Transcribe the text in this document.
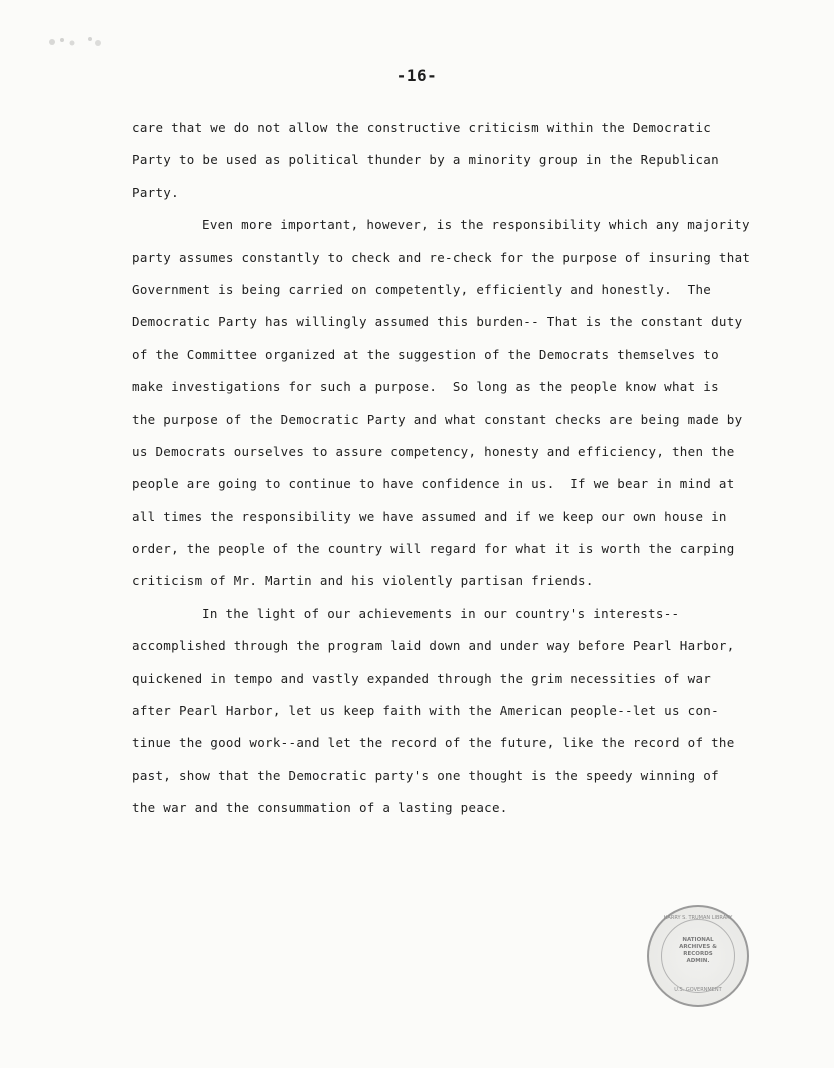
-16-
care that we do not allow the constructive criticism within the Democratic
Party to be used as political thunder by a minority group in the Republican
Party.
Even more important, however, is the responsibility which any majority
party assumes constantly to check and re-check for the purpose of insuring that
Government is being carried on competently, efficiently and honestly.  The
Democratic Party has willingly assumed this burden-- That is the constant duty
of the Committee organized at the suggestion of the Democrats themselves to
make investigations for such a purpose.  So long as the people know what is
the purpose of the Democratic Party and what constant checks are being made by
us Democrats ourselves to assure competency, honesty and efficiency, then the
people are going to continue to have confidence in us.  If we bear in mind at
all times the responsibility we have assumed and if we keep our own house in
order, the people of the country will regard for what it is worth the carping
criticism of Mr. Martin and his violently partisan friends.
In the light of our achievements in our country's interests--
accomplished through the program laid down and under way before Pearl Harbor,
quickened in tempo and vastly expanded through the grim necessities of war
after Pearl Harbor, let us keep faith with the American people--let us con-
tinue the good work--and let the record of the future, like the record of the
past, show that the Democratic party's one thought is the speedy winning of
the war and the consummation of a lasting peace.
HARRY S. TRUMAN LIBRARY
NATIONAL
ARCHIVES &
RECORDS
ADMIN.
U.S. GOVERNMENT
